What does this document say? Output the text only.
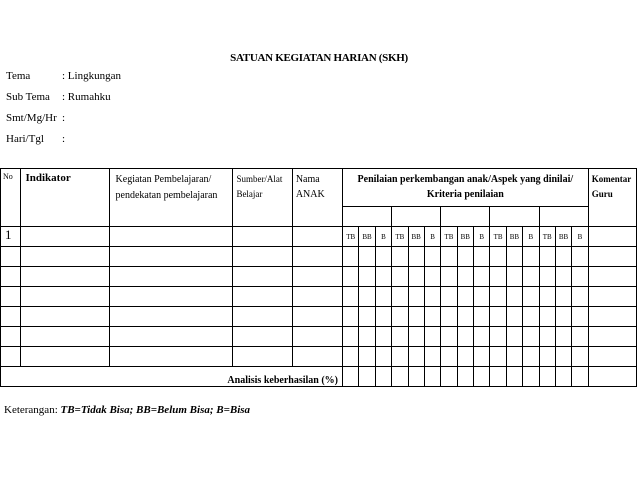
SATUAN KEGIATAN HARIAN (SKH)
Tema	: Lingkungan
Sub Tema : Rumahku
Smt/Mg/Hr :
Hari/Tgl :
No	Indikator	Kegiatan Pembelajaran/ pendekatan pembelajaran	Sumber/Alat Belajar	Nama ANAK	Penilaian perkembangan anak/Aspek yang dinilai/ Kriteria penilaian															Komentar Guru

1					TB	BB	B	TB	BB	B	TB	BB	B	TB	BB	B	TB	BB	B	

Analisis keberhasilan (%)																				
Keterangan: TB=Tidak Bisa; BB=Belum Bisa; B=Bisa
